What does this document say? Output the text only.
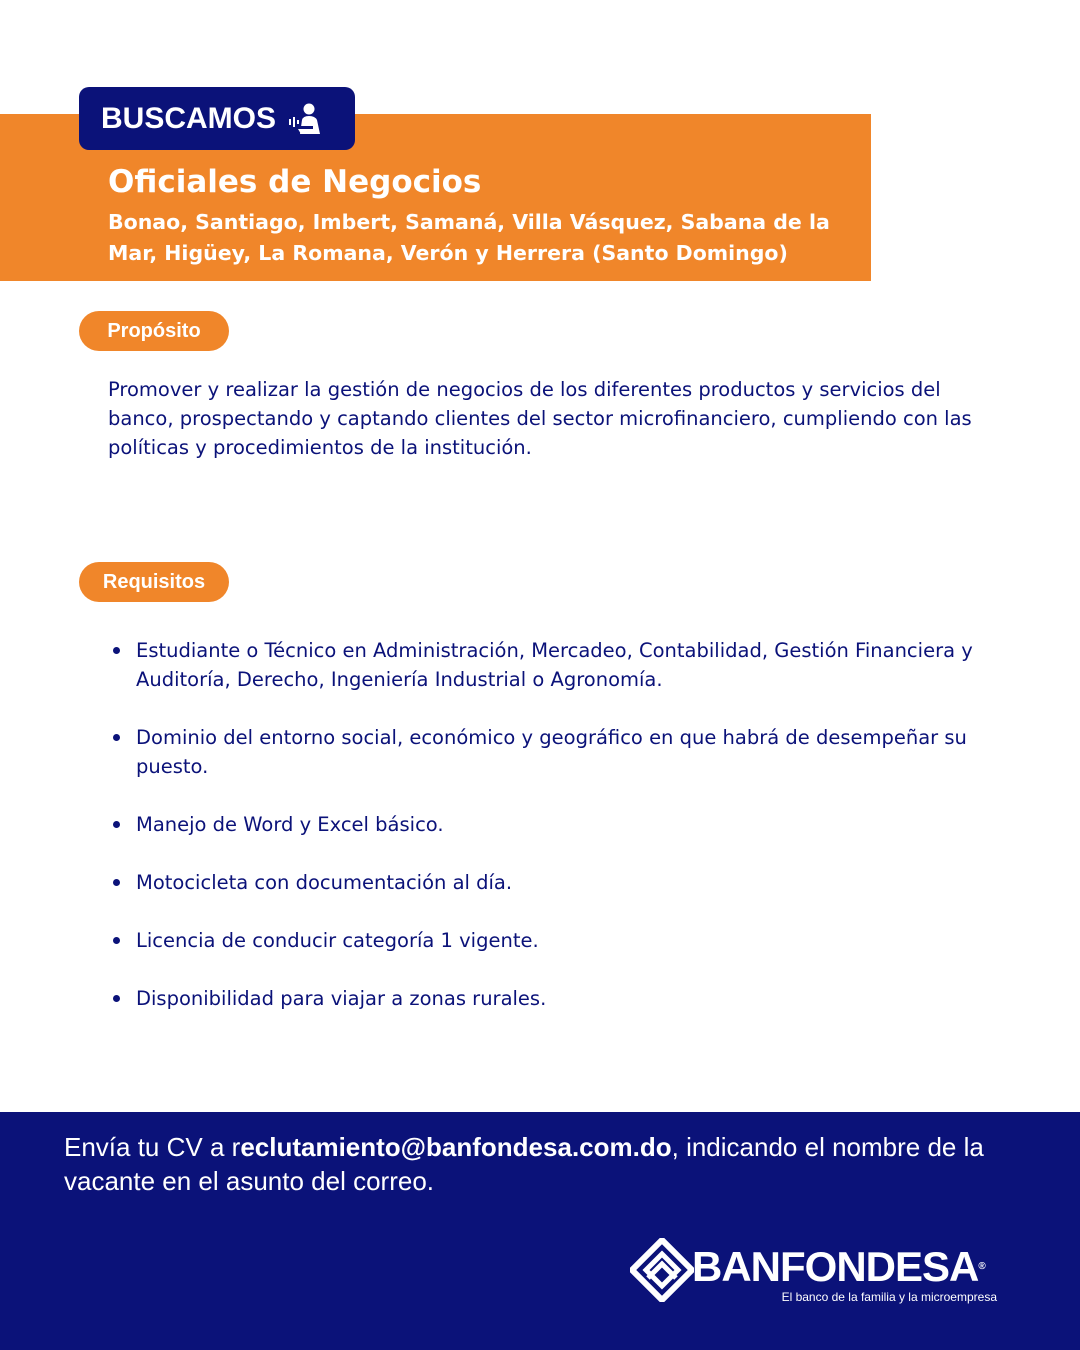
BUSCAMOS
Oficiales de Negocios
Bonao, Santiago, Imbert, Samaná, Villa Vásquez, Sabana de la Mar, Higüey, La Romana, Verón y Herrera (Santo Domingo)
Propósito
Promover y realizar la gestión de negocios de los diferentes productos y servicios del banco, prospectando y captando clientes del sector microfinanciero, cumpliendo con las políticas y procedimientos de la institución.
Requisitos
Estudiante o Técnico en Administración, Mercadeo, Contabilidad, Gestión Financiera y Auditoría, Derecho, Ingeniería Industrial o Agronomía.
Dominio del entorno social, económico y geográfico en que habrá de desempeñar su puesto.
Manejo de Word y Excel básico.
Motocicleta con documentación al día.
Licencia de conducir categoría 1 vigente.
Disponibilidad para viajar a zonas rurales.
Envía tu CV a reclutamiento@banfondesa.com.do, indicando el nombre de la vacante en el asunto del correo.
BANFONDESA®
El banco de la familia y la microempresa
